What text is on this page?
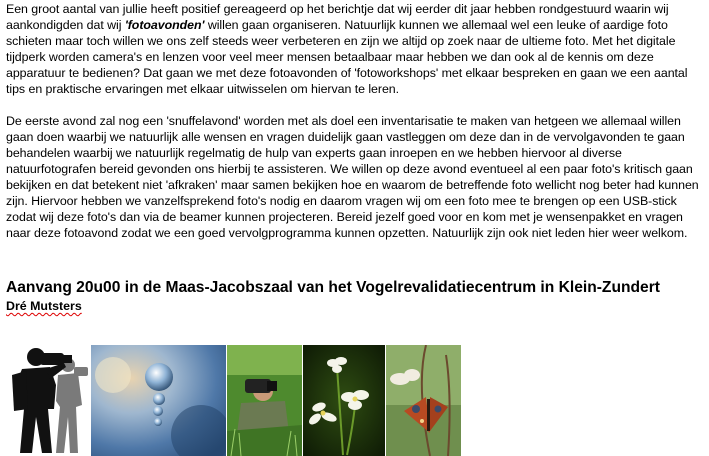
Een groot aantal van jullie heeft positief gereageerd op het berichtje dat wij eerder dit jaar hebben rondgestuurd waarin wij aankondigden dat wij 'fotoavonden' willen gaan organiseren. Natuurlijk kunnen we allemaal wel een leuke of aardige foto schieten maar toch willen we ons zelf steeds weer verbeteren en zijn we altijd op zoek naar de ultieme foto. Met het digitale tijdperk worden camera's en lenzen voor veel meer mensen betaalbaar maar hebben we dan ook al de kennis om deze apparatuur te bedienen? Dat gaan we met deze fotoavonden of 'fotoworkshops' met elkaar bespreken en gaan we een aantal tips en praktische ervaringen met elkaar uitwisselen om hiervan te leren.

De eerste avond zal nog een 'snuffelavond' worden met als doel een inventarisatie te maken van hetgeen we allemaal willen gaan doen waarbij we natuurlijk alle wensen en vragen duidelijk gaan vastleggen om deze dan in de vervolgavonden te gaan behandelen waarbij we natuurlijk regelmatig de hulp van experts gaan inroepen en we hebben hiervoor al diverse natuurfotografen bereid gevonden ons hierbij te assisteren. We willen op deze avond eventueel al een paar foto's kritisch gaan bekijken en dat betekent niet 'afkraken' maar samen bekijken hoe en waarom de betreffende foto wellicht nog beter had kunnen zijn. Hiervoor hebben we vanzelfsprekend foto's nodig en daarom vragen wij om een foto mee te brengen op een USB-stick zodat wij deze foto's dan via de beamer kunnen projecteren. Bereid jezelf goed voor en kom met je wensenpakket en vragen naar deze fotoavond zodat we een goed vervolgprogramma kunnen opzetten. Natuurlijk zijn ook niet leden hier weer welkom.

Aanvang 20u00 in de Maas-Jacobszaal van het Vogelrevalidatiecentrum in Klein-Zundert
Dré Mutsters
